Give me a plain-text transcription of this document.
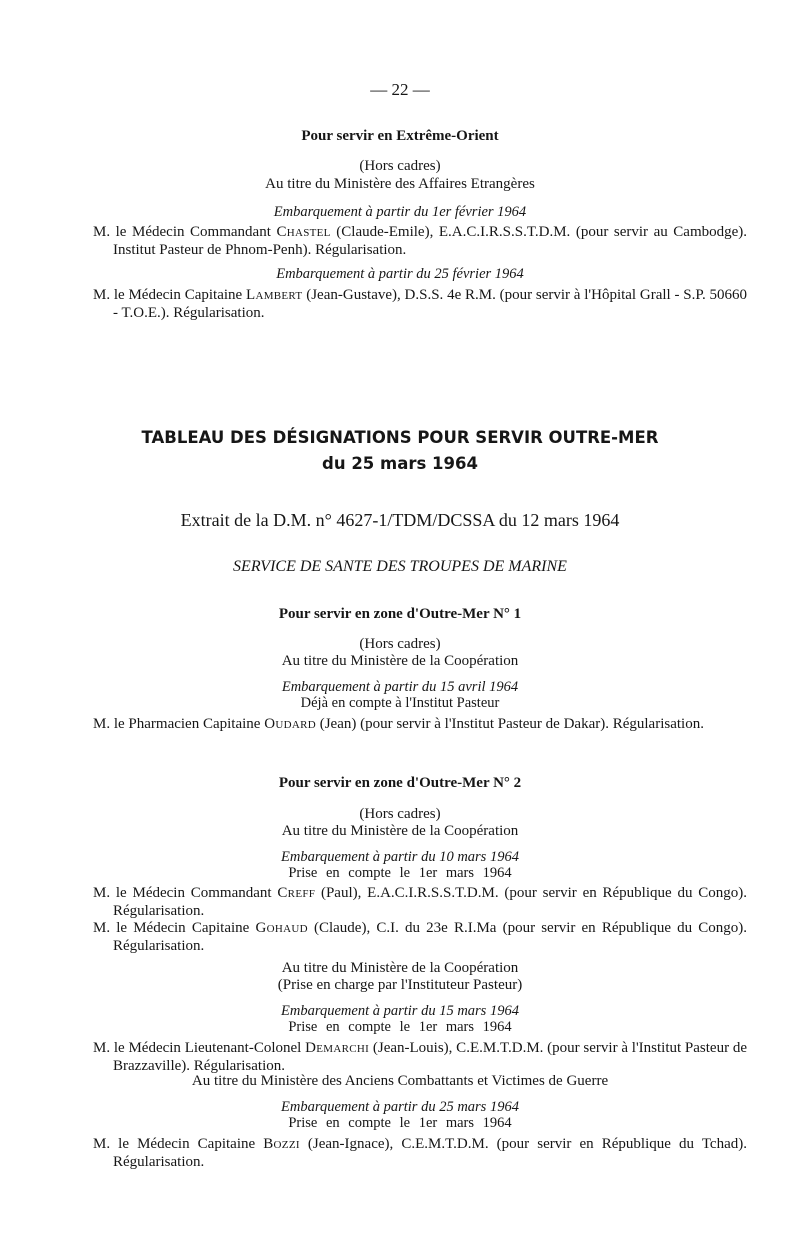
— 22 —
Pour servir en Extrême-Orient
(Hors cadres)
Au titre du Ministère des Affaires Etrangères
Embarquement à partir du 1er février 1964
M. le Médecin Commandant Chastel (Claude-Emile), E.A.C.I.R.S.S.T.D.M. (pour servir au Cambodge). Institut Pasteur de Phnom-Penh). Régularisation.
Embarquement à partir du 25 février 1964
M. le Médecin Capitaine Lambert (Jean-Gustave), D.S.S. 4e R.M. (pour servir à l'Hôpital Grall - S.P. 50660 - T.O.E.). Régularisation.
TABLEAU DES DÉSIGNATIONS POUR SERVIR OUTRE-MER
du 25 mars 1964
Extrait de la D.M. n° 4627-1/TDM/DCSSA du 12 mars 1964
SERVICE DE SANTE DES TROUPES DE MARINE
Pour servir en zone d'Outre-Mer N° 1
(Hors cadres)
Au titre du Ministère de la Coopération
Embarquement à partir du 15 avril 1964
Déjà en compte à l'Institut Pasteur
M. le Pharmacien Capitaine Oudard (Jean) (pour servir à l'Institut Pasteur de Dakar). Régularisation.
Pour servir en zone d'Outre-Mer N° 2
(Hors cadres)
Au titre du Ministère de la Coopération
Embarquement à partir du 10 mars 1964
Prise en compte le 1er mars 1964
M. le Médecin Commandant Creff (Paul), E.A.C.I.R.S.S.T.D.M. (pour servir en République du Congo). Régularisation.
M. le Médecin Capitaine Gohaud (Claude), C.I. du 23e R.I.Ma (pour servir en République du Congo). Régularisation.
Au titre du Ministère de la Coopération
(Prise en charge par l'Instituteur Pasteur)
Embarquement à partir du 15 mars 1964
Prise en compte le 1er mars 1964
M. le Médecin Lieutenant-Colonel Demarchi (Jean-Louis), C.E.M.T.D.M. (pour servir à l'Institut Pasteur de Brazzaville). Régularisation.
Au titre du Ministère des Anciens Combattants et Victimes de Guerre
Embarquement à partir du 25 mars 1964
Prise en compte le 1er mars 1964
M. le Médecin Capitaine Bozzi (Jean-Ignace), C.E.M.T.D.M. (pour servir en République du Tchad). Régularisation.
